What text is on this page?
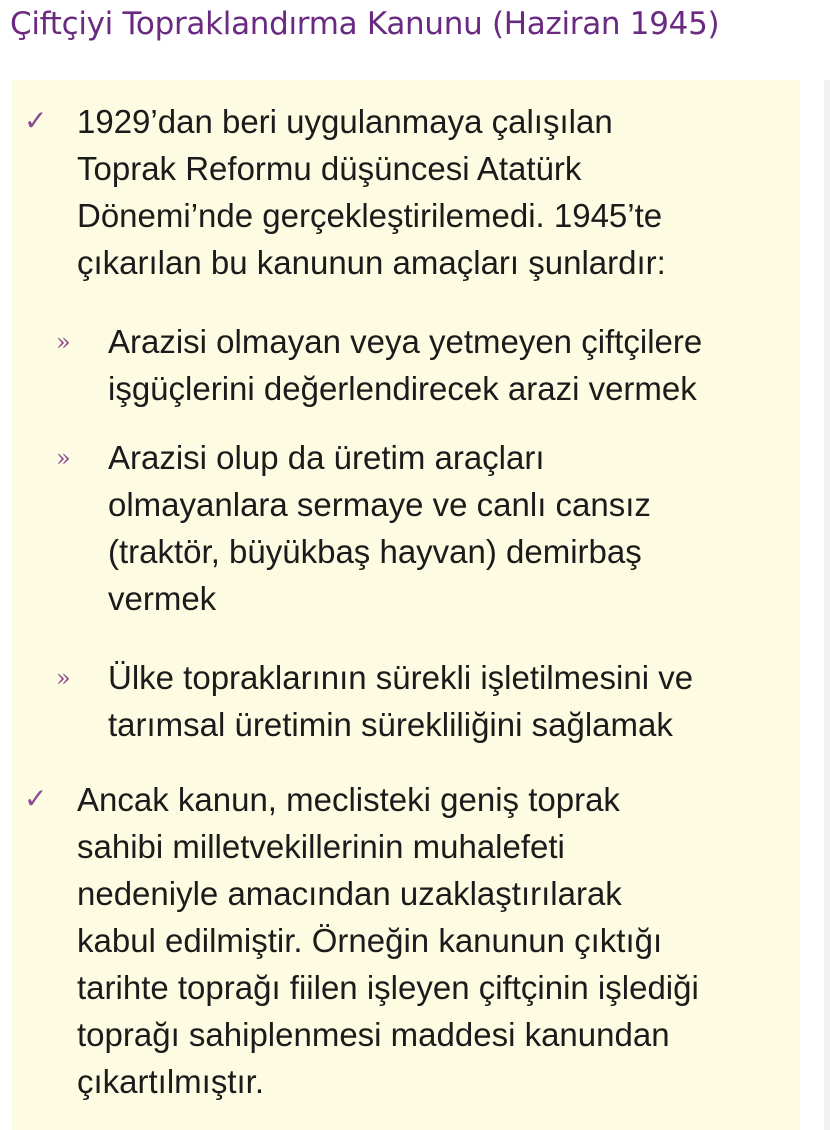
Çiftçiyi Topraklandırma Kanunu (Haziran 1945)
✓ 1929’dan beri uygulanmaya çalışılan
Toprak Reformu düşüncesi Atatürk
Dönemi’nde gerçekleştirilemedi. 1945’te
çıkarılan bu kanunun amaçları şunlardır:
» Arazisi olmayan veya yetmeyen çiftçilere
işgüçlerini değerlendirecek arazi vermek
» Arazisi olup da üretim araçları
olmayanlara sermaye ve canlı cansız
(traktör, büyükbaş hayvan) demirbaş
vermek
» Ülke topraklarının sürekli işletilmesini ve
tarımsal üretimin sürekliliğini sağlamak
✓ Ancak kanun, meclisteki geniş toprak
sahibi milletvekillerinin muhalefeti
nedeniyle amacından uzaklaştırılarak
kabul edilmiştir. Örneğin kanunun çıktığı
tarihte toprağı fiilen işleyen çiftçinin işlediği
toprağı sahiplenmesi maddesi kanundan
çıkartılmıştır.
